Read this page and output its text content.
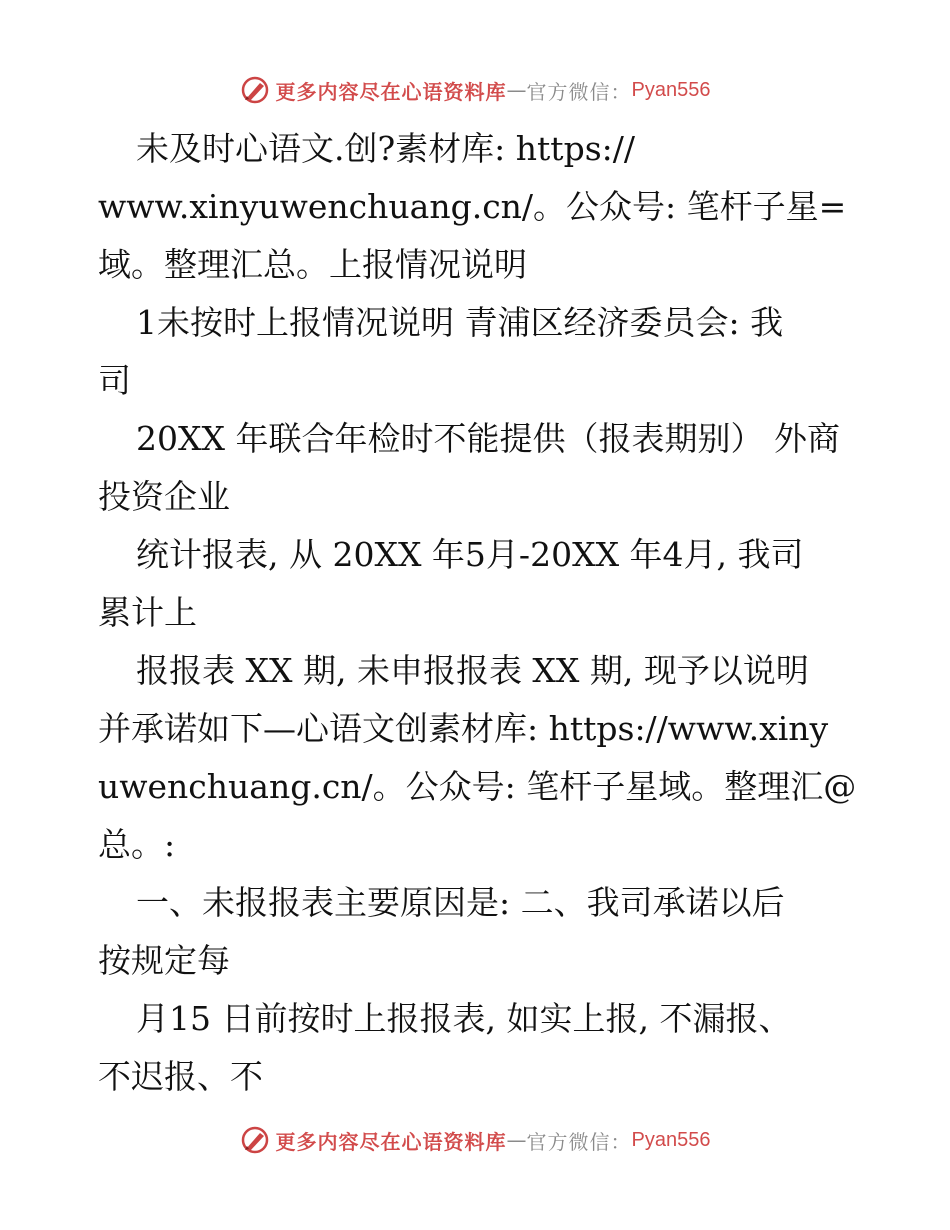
更多内容尽在心语资料库 — 官方微信： Pyan556
未及时心语文.创?素材库: https://
www.xinyuwenchuang.cn/。公众号: 笔杆子星=
域。整理汇总。上报情况说明
1未按时上报情况说明 青浦区经济委员会: 我
司
20XX 年联合年检时不能提供（报表期别） 外商
投资企业
统计报表, 从 20XX 年5月-20XX 年4月, 我司
累计上
报报表 XX 期, 未申报报表 XX 期, 现予以说明
并承诺如下—心语文创素材库: https://www.xiny
uwenchuang.cn/。公众号: 笔杆子星域。整理汇@
总。:
一、未报报表主要原因是: 二、我司承诺以后
按规定每
月15 日前按时上报报表, 如实上报, 不漏报、
不迟报、不
更多内容尽在心语资料库 — 官方微信： Pyan556
